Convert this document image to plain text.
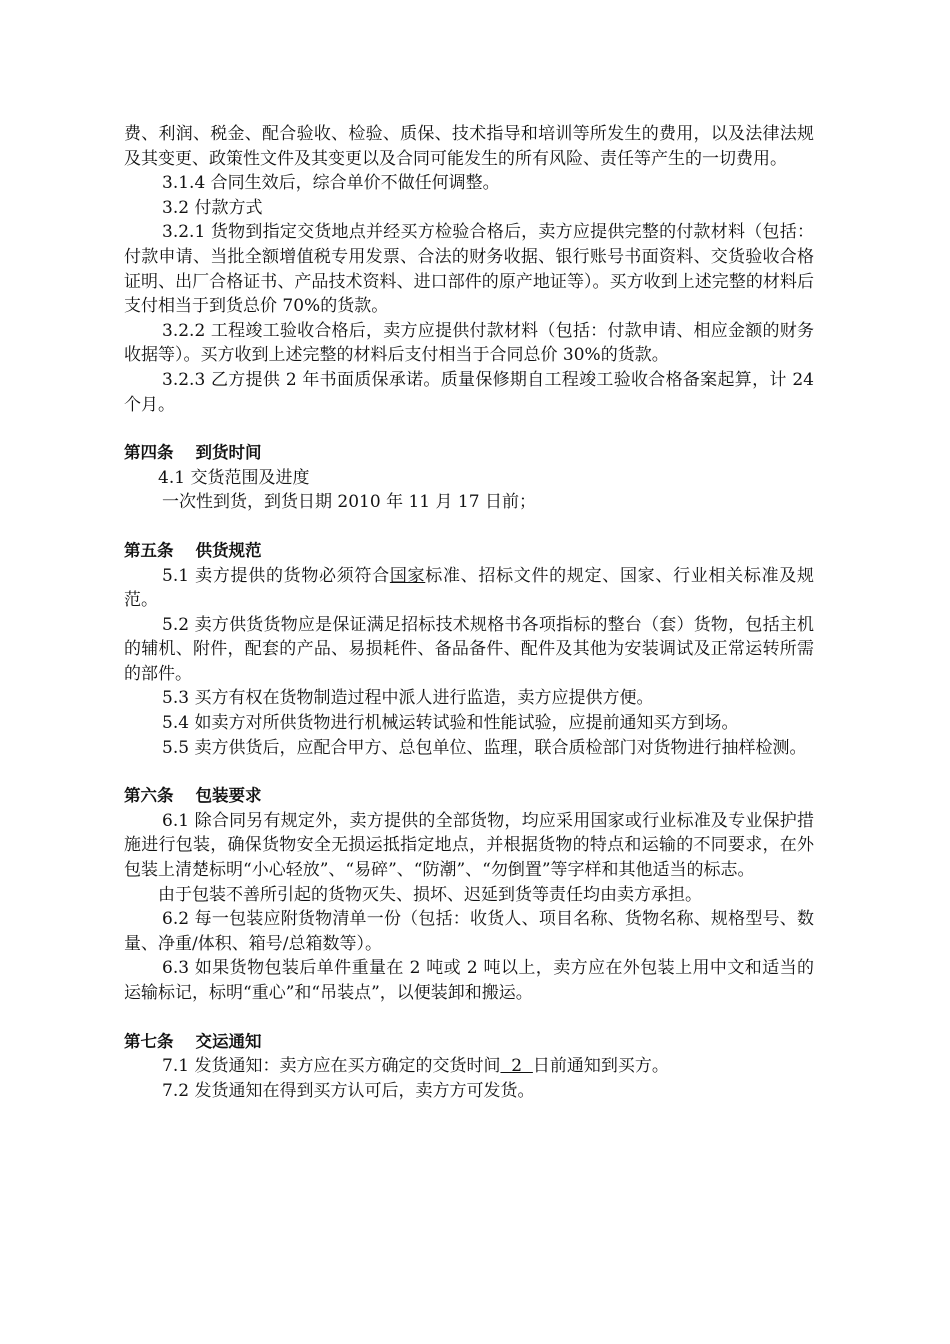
费、利润、税金、配合验收、检验、质保、技术指导和培训等所发生的费用，以及法律法规及其变更、政策性文件及其变更以及合同可能发生的所有风险、责任等产生的一切费用。

3.1.4 合同生效后，综合单价不做任何调整。

3.2 付款方式

3.2.1 货物到指定交货地点并经买方检验合格后，卖方应提供完整的付款材料（包括：付款申请、当批全额增值税专用发票、合法的财务收据、银行账号书面资料、交货验收合格证明、出厂合格证书、产品技术资料、进口部件的原产地证等）。买方收到上述完整的材料后支付相当于到货总价 70%的货款。

3.2.2 工程竣工验收合格后，卖方应提供付款材料（包括：付款申请、相应金额的财务收据等）。买方收到上述完整的材料后支付相当于合同总价 30%的货款。

3.2.3 乙方提供 2 年书面质保承诺。质量保修期自工程竣工验收合格备案起算，计 24 个月。

第四条 到货时间

4.1 交货范围及进度

一次性到货，到货日期 2010 年 11 月 17 日前；

第五条 供货规范

5.1 卖方提供的货物必须符合国家标准、招标文件的规定、国家、行业相关标准及规范。

5.2 卖方供货货物应是保证满足招标技术规格书各项指标的整台（套）货物，包括主机的辅机、附件，配套的产品、易损耗件、备品备件、配件及其他为安装调试及正常运转所需的部件。

5.3 买方有权在货物制造过程中派人进行监造，卖方应提供方便。

5.4 如卖方对所供货物进行机械运转试验和性能试验，应提前通知买方到场。

5.5 卖方供货后，应配合甲方、总包单位、监理，联合质检部门对货物进行抽样检测。

第六条 包装要求

6.1 除合同另有规定外，卖方提供的全部货物，均应采用国家或行业标准及专业保护措施进行包装，确保货物安全无损运抵指定地点，并根据货物的特点和运输的不同要求，在外包装上清楚标明“小心轻放”、“易碎”、“防潮”、“勿倒置”等字样和其他适当的标志。

由于包装不善所引起的货物灭失、损坏、迟延到货等责任均由卖方承担。

6.2 每一包装应附货物清单一份（包括：收货人、项目名称、货物名称、规格型号、数量、净重/体积、箱号/总箱数等）。

6.3 如果货物包装后单件重量在 2 吨或 2 吨以上，卖方应在外包装上用中文和适当的运输标记，标明“重心”和“吊装点”，以便装卸和搬运。

第七条 交运通知

7.1 发货通知：卖方应在买方确定的交货时间  2  日前通知到买方。

7.2 发货通知在得到买方认可后，卖方方可发货。
